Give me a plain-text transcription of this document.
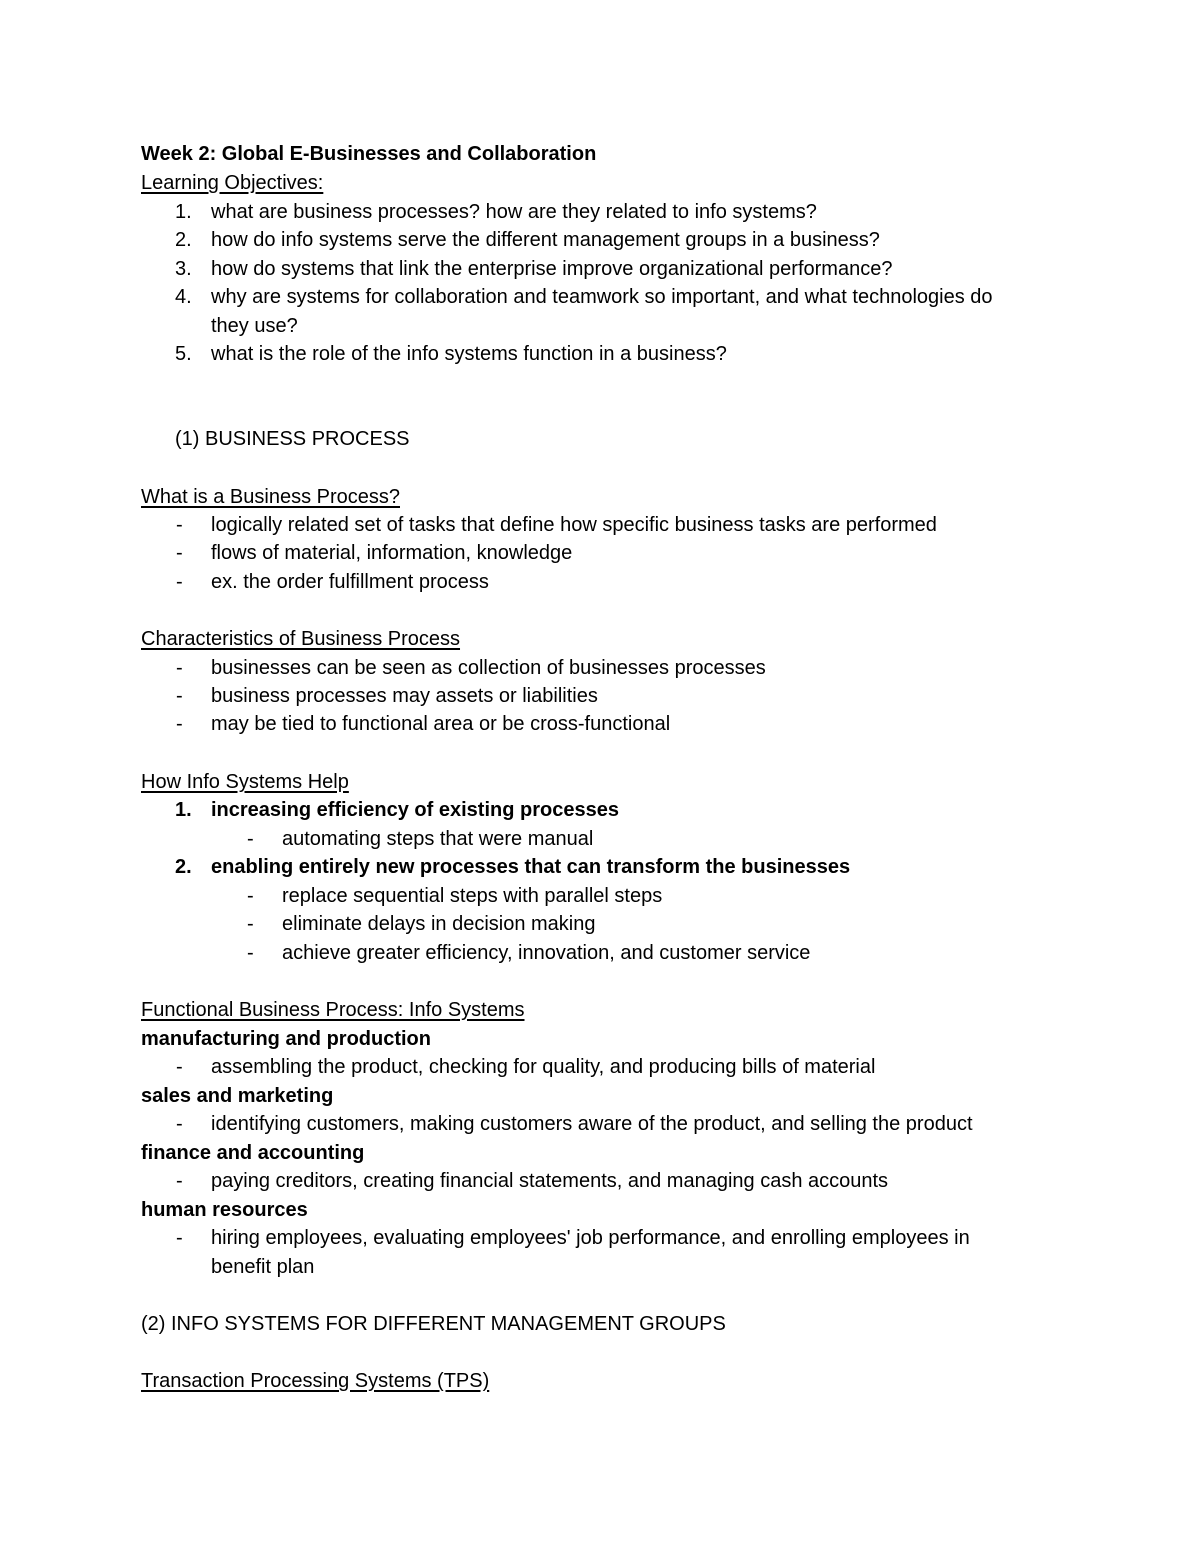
Week 2: Global E-Businesses and Collaboration
Learning Objectives:
1. what are business processes? how are they related to info systems?
2. how do info systems serve the different management groups in a business?
3. how do systems that link the enterprise improve organizational performance?
4. why are systems for collaboration and teamwork so important, and what technologies do
they use?
5. what is the role of the info systems function in a business?
(1) BUSINESS PROCESS
What is a Business Process?
- logically related set of tasks that define how specific business tasks are performed
- flows of material, information, knowledge
- ex. the order fulfillment process
Characteristics of Business Process
- businesses can be seen as collection of businesses processes
- business processes may assets or liabilities
- may be tied to functional area or be cross-functional
How Info Systems Help
1. increasing efficiency of existing processes
- automating steps that were manual
2. enabling entirely new processes that can transform the businesses
- replace sequential steps with parallel steps
- eliminate delays in decision making
- achieve greater efficiency, innovation, and customer service
Functional Business Process: Info Systems
manufacturing and production
- assembling the product, checking for quality, and producing bills of material
sales and marketing
- identifying customers, making customers aware of the product, and selling the product
finance and accounting
- paying creditors, creating financial statements, and managing cash accounts
human resources
- hiring employees, evaluating employees' job performance, and enrolling employees in
benefit plan
(2) INFO SYSTEMS FOR DIFFERENT MANAGEMENT GROUPS
Transaction Processing Systems (TPS)
